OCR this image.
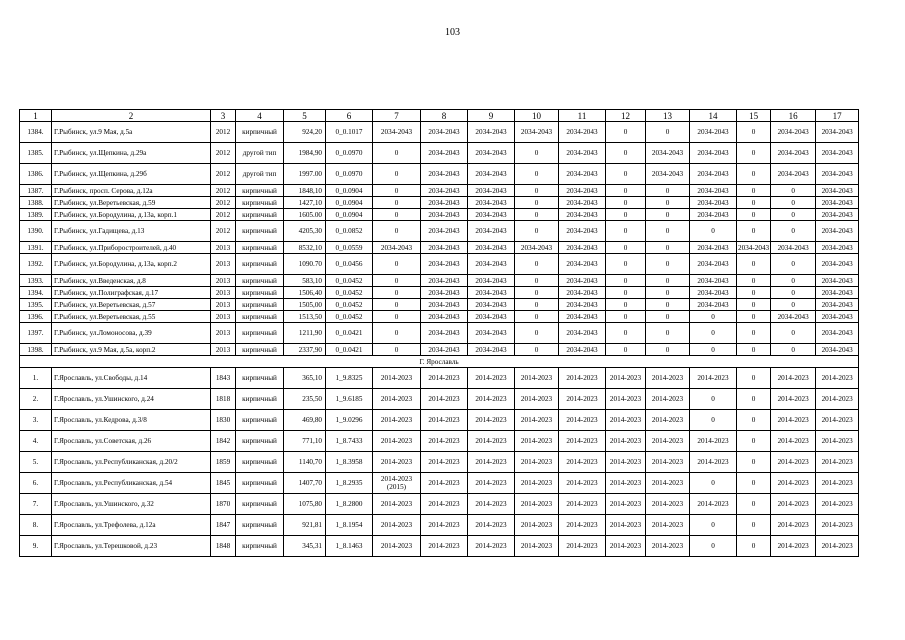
103
1	2	3	4	5	6	7	8	9	10	11	12	13	14	15	16	17
1384.	Г.Рыбинск, ул.9 Мая, д.5а	2012	кирпичный	924,20	0_0.1017	2034-2043	2034-2043	2034-2043	2034-2043	2034-2043	0	0	2034-2043	0	2034-2043	2034-2043
1385.	Г.Рыбинск, ул.Щепкина, д.29а	2012	другой тип	1984,90	0_0.0970	0	2034-2043	2034-2043	0	2034-2043	0	2034-2043	2034-2043	0	2034-2043	2034-2043
1386.	Г.Рыбинск, ул.Щепкина, д.29б	2012	другой тип	1997.00	0_0.0970	0	2034-2043	2034-2043	0	2034-2043	0	2034-2043	2034-2043	0	2034-2043	2034-2043
1387.	Г.Рыбинск, просп. Серова, д.12а	2012	кирпичный	1848,10	0_0.0904	0	2034-2043	2034-2043	0	2034-2043	0	0	2034-2043	0	0	2034-2043
1388.	Г.Рыбинск, ул.Веретьевская, д.59	2012	кирпичный	1427,10	0_0.0904	0	2034-2043	2034-2043	0	2034-2043	0	0	2034-2043	0	0	2034-2043
1389.	Г.Рыбинск, ул.Бородулина, д.13а, корп.1	2012	кирпичный	1605.00	0_0.0904	0	2034-2043	2034-2043	0	2034-2043	0	0	2034-2043	0	0	2034-2043
1390.	Г.Рыбинск, ул.Гадищева, д.13	2012	кирпичный	4205,30	0_0.0852	0	2034-2043	2034-2043	0	2034-2043	0	0	0	0	0	2034-2043
1391.	Г.Рыбинск, ул.Приборостроителей, д.40	2013	кирпичный	8532,10	0_0.0559	2034-2043	2034-2043	2034-2043	2034-2043	2034-2043	0	0	2034-2043	2034-2043	2034-2043	2034-2043
1392.	Г.Рыбинск, ул.Бородулина, д.13а, корп.2	2013	кирпичный	1090.70	0_0.0456	0	2034-2043	2034-2043	0	2034-2043	0	0	2034-2043	0	0	2034-2043
1393.	Г.Рыбинск, ул.Введенская, д.8	2013	кирпичный	583,10	0_0.0452	0	2034-2043	2034-2043	0	2034-2043	0	0	2034-2043	0	0	2034-2043
1394.	Г.Рыбинск, ул.Полиграфская, д.17	2013	кирпичный	1506,40	0_0.0452	0	2034-2043	2034-2043	0	2034-2043	0	0	2034-2043	0	0	2034-2043
1395.	Г.Рыбинск, ул.Веретьевская, д.57	2013	кирпичный	1505,00	0_0.0452	0	2034-2043	2034-2043	0	2034-2043	0	0	2034-2043	0	0	2034-2043
1396.	Г.Рыбинск, ул.Веретьевская, д.55	2013	кирпичный	1513,50	0_0.0452	0	2034-2043	2034-2043	0	2034-2043	0	0	0	0	2034-2043	2034-2043
1397.	Г.Рыбинск, ул.Ломоносова, д.39	2013	кирпичный	1211,90	0_0.0421	0	2034-2043	2034-2043	0	2034-2043	0	0	0	0	0	2034-2043
1398.	Г.Рыбинск, ул.9 Мая, д.5а, корп.2	2013	кирпичный	2337,90	0_0.0421	0	2034-2043	2034-2043	0	2034-2043	0	0	0	0	0	2034-2043
Г. Ярославль																
1.	Г.Ярославль, ул.Свободы, д.14	1843	кирпичный	365,10	1_9.8325	2014-2023	2014-2023	2014-2023	2014-2023	2014-2023	2014-2023	2014-2023	2014-2023	0	2014-2023	2014-2023
2.	Г.Ярославль, ул.Ушинского, д.24	1818	кирпичный	235,50	1_9.6185	2014-2023	2014-2023	2014-2023	2014-2023	2014-2023	2014-2023	2014-2023	0	0	2014-2023	2014-2023
3.	Г.Ярославль, ул.Кедрова, д.3/8	1830	кирпичный	469,80	1_9.0296	2014-2023	2014-2023	2014-2023	2014-2023	2014-2023	2014-2023	2014-2023	0	0	2014-2023	2014-2023
4.	Г.Ярославль, ул.Советская, д.26	1842	кирпичный	771,10	1_8.7433	2014-2023	2014-2023	2014-2023	2014-2023	2014-2023	2014-2023	2014-2023	2014-2023	0	2014-2023	2014-2023
5.	Г.Ярославль, ул.Республиканская, д.20/2	1859	кирпичный	1140,70	1_8.3958	2014-2023	2014-2023	2014-2023	2014-2023	2014-2023	2014-2023	2014-2023	2014-2023	0	2014-2023	2014-2023
6.	Г.Ярославль, ул.Республиканская, д.54	1845	кирпичный	1407,70	1_8.2935	2014-2023 (2015)	2014-2023	2014-2023	2014-2023	2014-2023	2014-2023	2014-2023	0	0	2014-2023	2014-2023
7.	Г.Ярославль, ул.Ушинского, д.32	1870	кирпичный	1075,80	1_8.2800	2014-2023	2014-2023	2014-2023	2014-2023	2014-2023	2014-2023	2014-2023	2014-2023	0	2014-2023	2014-2023
8.	Г.Ярославль, ул.Трефолева, д.12а	1847	кирпичный	921,81	1_8.1954	2014-2023	2014-2023	2014-2023	2014-2023	2014-2023	2014-2023	2014-2023	0	0	2014-2023	2014-2023
9.	Г.Ярославль, ул.Терешковой, д.23	1848	кирпичный	345,31	1_8.1463	2014-2023	2014-2023	2014-2023	2014-2023	2014-2023	2014-2023	2014-2023	0	0	2014-2023	2014-2023
